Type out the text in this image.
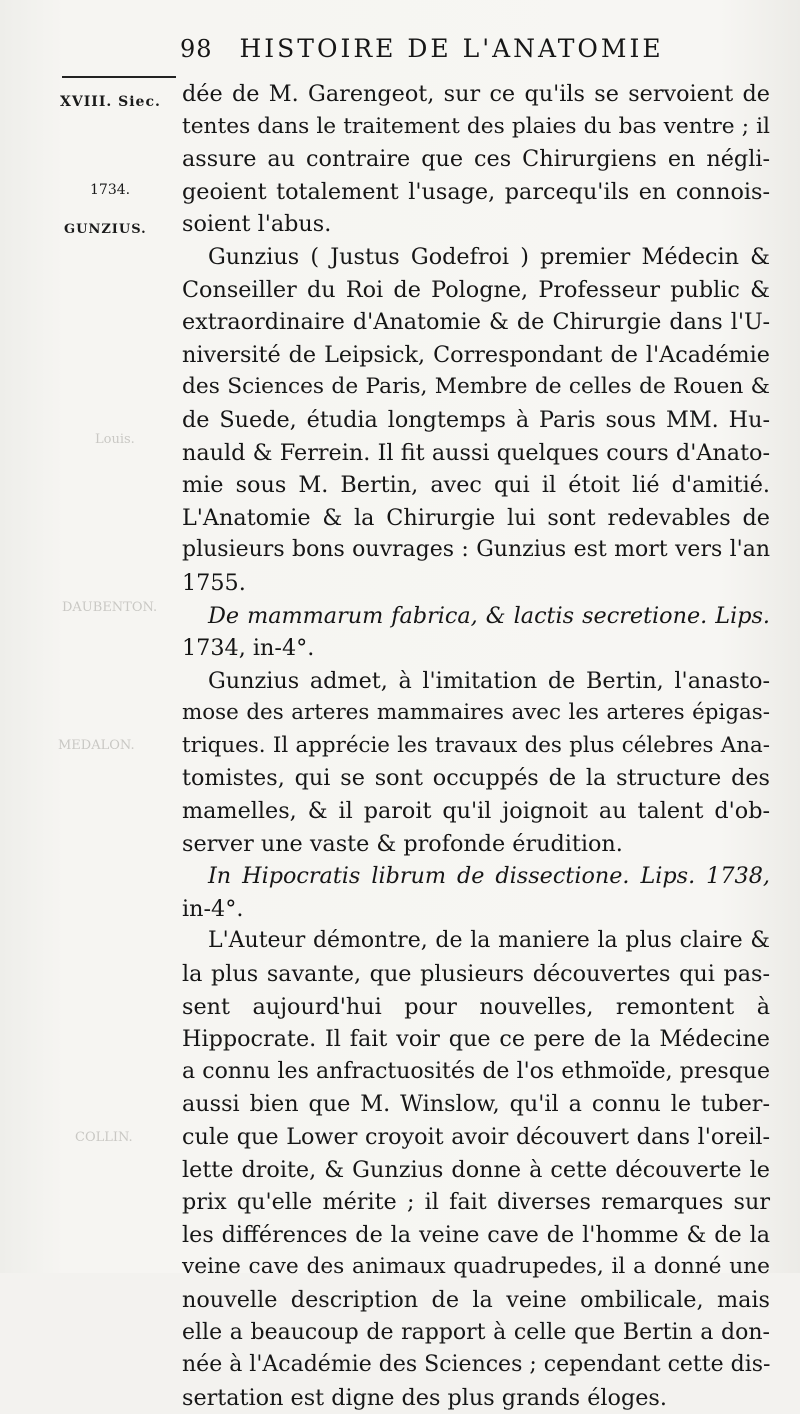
98 HISTOIRE DE L'ANATOMIE
XVIII. Siec.
1734.
GUNZIUS.
Louis.
DAUBENTON.
MEDALON.
COLLIN.
dée de M. Garengeot, sur ce qu'ils se servoient de
tentes dans le traitement des plaies du bas ventre ; il
assure au contraire que ces Chirurgiens en négli-
geoient totalement l'usage, parcequ'ils en connois-
soient l'abus.
Gunzius ( Justus Godefroi ) premier Médecin &
Conseiller du Roi de Pologne, Professeur public &
extraordinaire d'Anatomie & de Chirurgie dans l'U-
niversité de Leipsick, Correspondant de l'Académie
des Sciences de Paris, Membre de celles de Rouen &
de Suede, étudia longtemps à Paris sous MM. Hu-
nauld & Ferrein. Il fit aussi quelques cours d'Anato-
mie sous M. Bertin, avec qui il étoit lié d'amitié.
L'Anatomie & la Chirurgie lui sont redevables de
plusieurs bons ouvrages : Gunzius est mort vers l'an
1755.
De mammarum fabrica, & lactis secretione. Lips.
1734, in-4°.
Gunzius admet, à l'imitation de Bertin, l'anasto-
mose des arteres mammaires avec les arteres épigas-
triques. Il apprécie les travaux des plus célebres Ana-
tomistes, qui se sont occuppés de la structure des
mamelles, & il paroit qu'il joignoit au talent d'ob-
server une vaste & profonde érudition.
In Hipocratis librum de dissectione. Lips. 1738,
in-4°.
L'Auteur démontre, de la maniere la plus claire &
la plus savante, que plusieurs découvertes qui pas-
sent aujourd'hui pour nouvelles, remontent à
Hippocrate. Il fait voir que ce pere de la Médecine
a connu les anfractuosités de l'os ethmoïde, presque
aussi bien que M. Winslow, qu'il a connu le tuber-
cule que Lower croyoit avoir découvert dans l'oreil-
lette droite, & Gunzius donne à cette découverte le
prix qu'elle mérite ; il fait diverses remarques sur
les différences de la veine cave de l'homme & de la
veine cave des animaux quadrupedes, il a donné une
nouvelle description de la veine ombilicale, mais
elle a beaucoup de rapport à celle que Bertin a don-
née à l'Académie des Sciences ; cependant cette dis-
sertation est digne des plus grands éloges.
